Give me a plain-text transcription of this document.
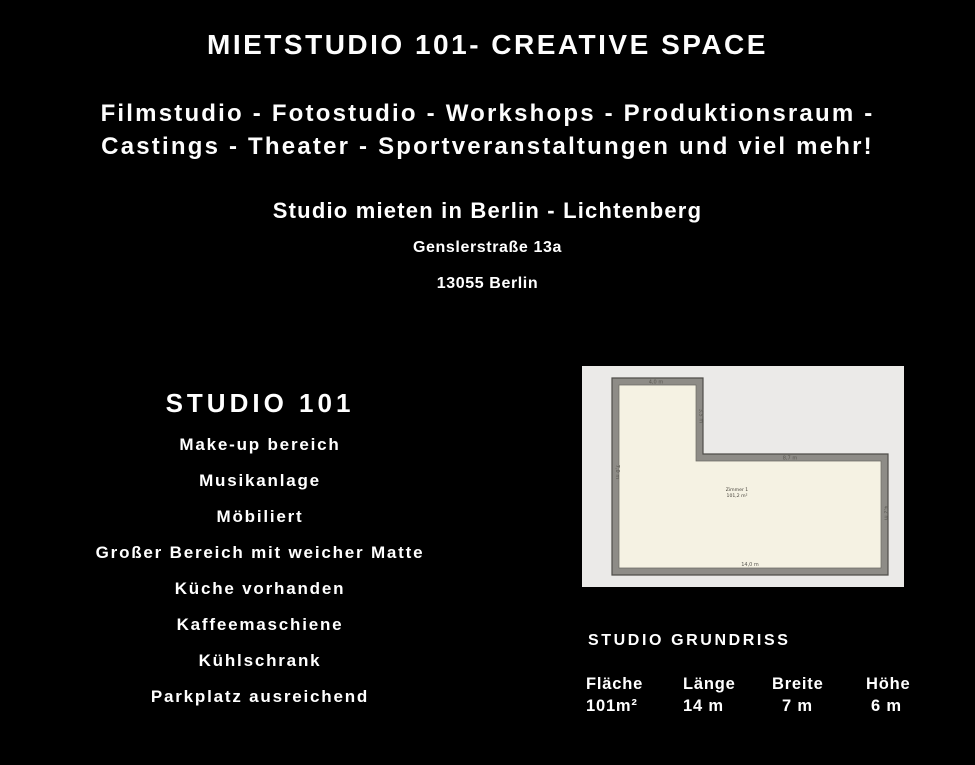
MIETSTUDIO 101- CREATIVE SPACE
Filmstudio - Fotostudio - Workshops - Produktionsraum -
Castings - Theater - Sportveranstaltungen und viel mehr!
Studio mieten in Berlin - Lichtenberg
Genslerstraße 13a
13055 Berlin
STUDIO 101
Make-up bereich
Musikanlage
Möbiliert
Großer Bereich mit weicher Matte
Küche vorhanden
Kaffeemaschiene
Kühlschrank
Parkplatz ausreichend
4,0 m
3,5 m
8,7 m
7,0 m
4,2 m
14,0 m
Zimmer 1
101,2 m²
STUDIO GRUNDRISS
Fläche
101m²
Länge
14 m
Breite
7 m
Höhe
6 m
